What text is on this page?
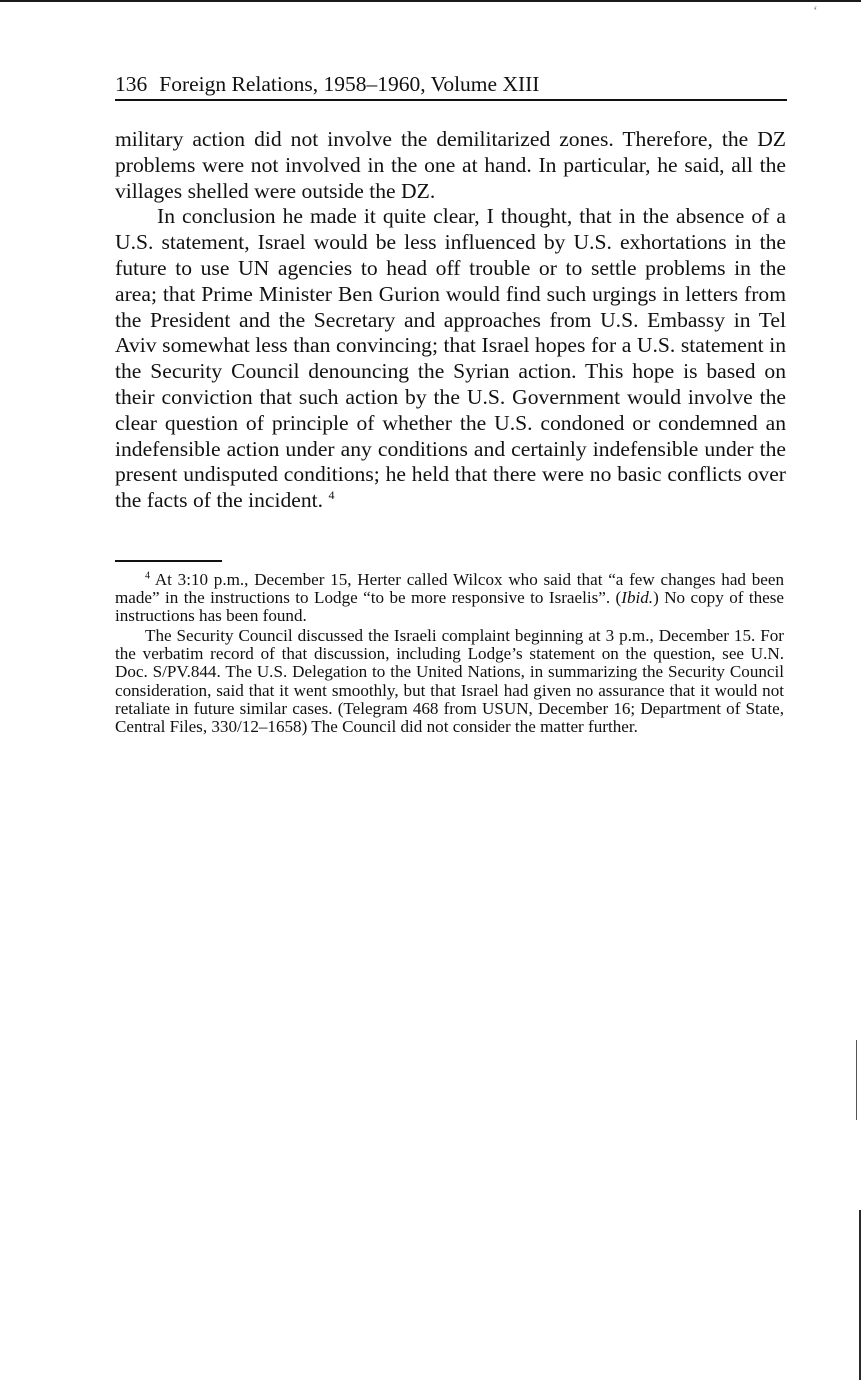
ʻ
136 Foreign Relations, 1958–1960, Volume XIII

military action did not involve the demilitarized zones. Therefore, the DZ problems were not involved in the one at hand. In particular, he said, all the villages shelled were outside the DZ.

In conclusion he made it quite clear, I thought, that in the absence of a U.S. statement, Israel would be less influenced by U.S. exhortations in the future to use UN agencies to head off trouble or to settle problems in the area; that Prime Minister Ben Gurion would find such urgings in letters from the President and the Secretary and approaches from U.S. Embassy in Tel Aviv somewhat less than convincing; that Israel hopes for a U.S. statement in the Security Council denouncing the Syrian action. This hope is based on their conviction that such action by the U.S. Government would involve the clear question of principle of whether the U.S. condoned or condemned an indefensible action under any conditions and certainly indefensible under the present undisputed conditions; he held that there were no basic conflicts over the facts of the incident. $^4$

$^4$ At 3:10 p.m., December 15, Herter called Wilcox who said that “a few changes had been made” in the instructions to Lodge “to be more responsive to Israelis”. (Ibid.) No copy of these instructions has been found.

The Security Council discussed the Israeli complaint beginning at 3 p.m., December 15. For the verbatim record of that discussion, including Lodge’s statement on the question, see U.N. Doc. S/PV.844. The U.S. Delegation to the United Nations, in summarizing the Security Council consideration, said that it went smoothly, but that Israel had given no assurance that it would not retaliate in future similar cases. (Telegram 468 from USUN, December 16; Department of State, Central Files, 330/12–1658) The Council did not consider the matter further.
